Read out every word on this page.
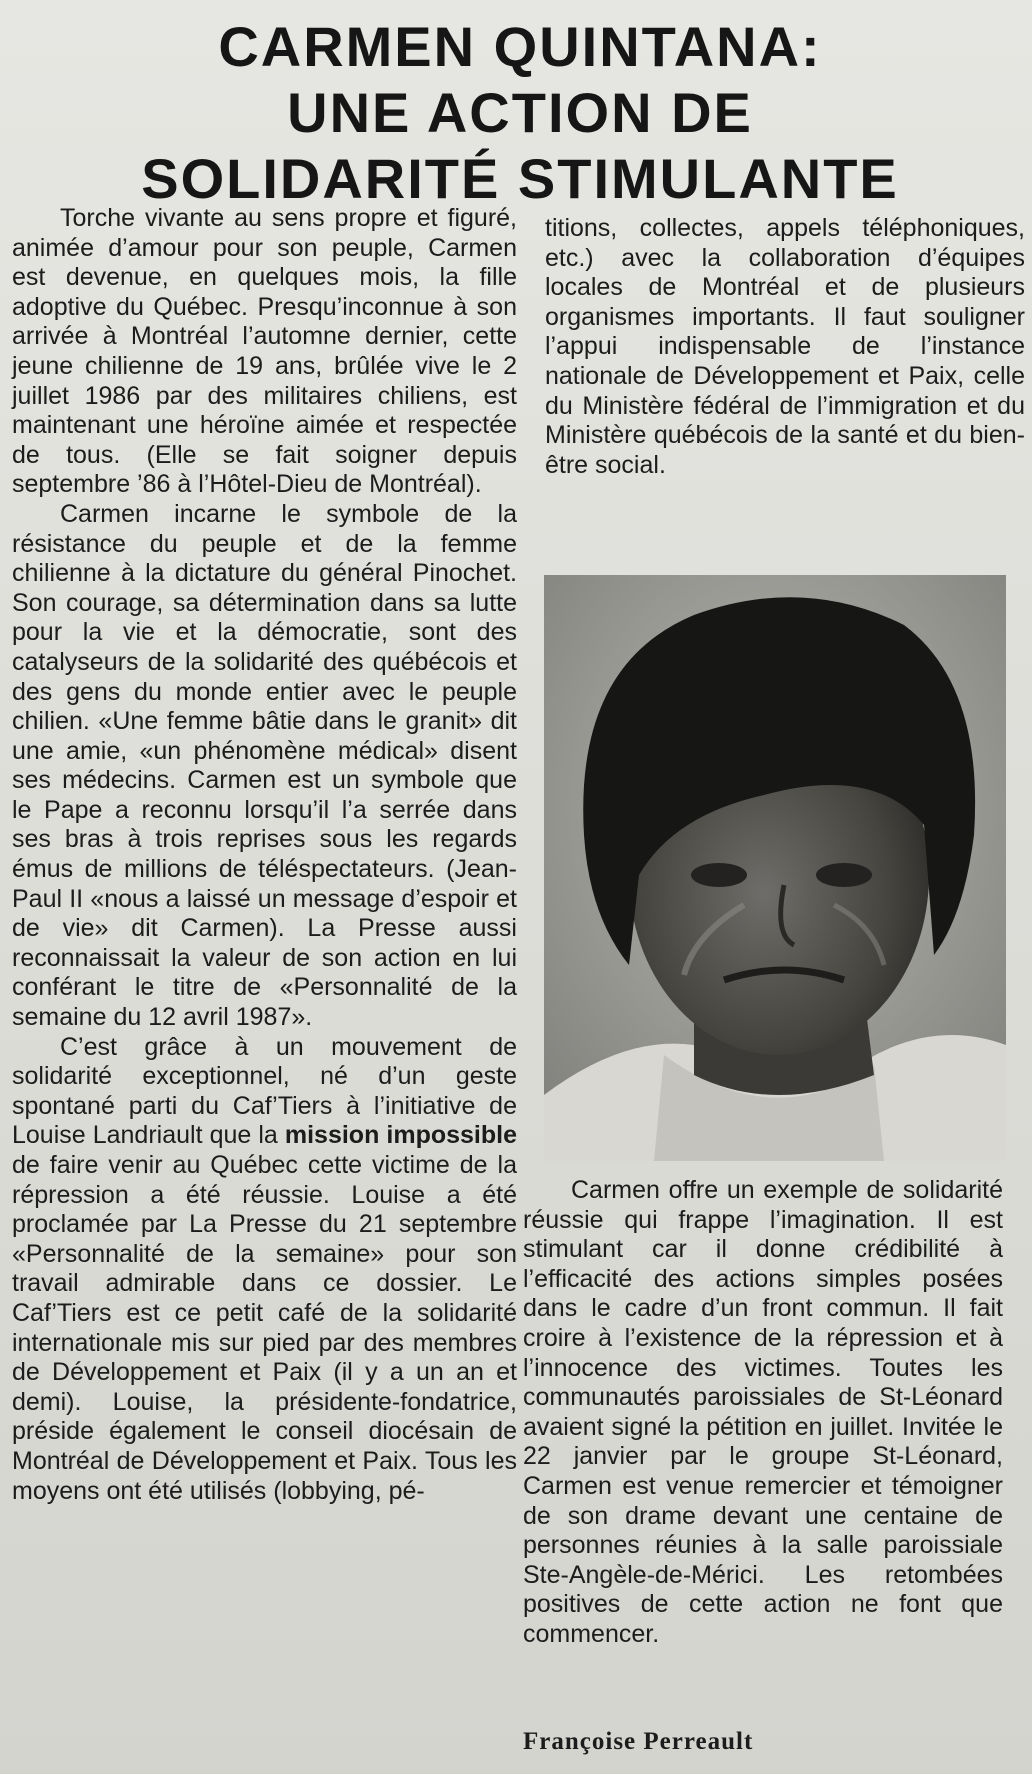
CARMEN QUINTANA:
UNE ACTION DE
SOLIDARITÉ STIMULANTE

Torche vivante au sens propre et figuré, animée d’amour pour son peuple, Carmen est devenue, en quelques mois, la fille adoptive du Québec. Presqu’inconnue à son arrivée à Montréal l’automne dernier, cette jeune chilienne de 19 ans, brûlée vive le 2 juillet 1986 par des militaires chiliens, est maintenant une héroïne aimée et respectée de tous. (Elle se fait soigner depuis septembre ’86 à l’Hôtel-Dieu de Montréal).

Carmen incarne le symbole de la résistance du peuple et de la femme chilienne à la dictature du général Pinochet. Son courage, sa détermination dans sa lutte pour la vie et la démocratie, sont des catalyseurs de la solidarité des québécois et des gens du monde entier avec le peuple chilien. «Une femme bâtie dans le granit» dit une amie, «un phénomène médical» disent ses médecins. Carmen est un symbole que le Pape a reconnu lorsqu’il l’a serrée dans ses bras à trois reprises sous les regards émus de millions de téléspectateurs. (Jean-Paul II «nous a laissé un message d’espoir et de vie» dit Carmen). La Presse aussi reconnaissait la valeur de son action en lui conférant le titre de «Personnalité de la semaine du 12 avril 1987».

C’est grâce à un mouvement de solidarité exceptionnel, né d’un geste spontané parti du Caf’Tiers à l’initiative de Louise Landriault que la mission impossible de faire venir au Québec cette victime de la répression a été réussie. Louise a été proclamée par La Presse du 21 septembre «Personnalité de la semaine» pour son travail admirable dans ce dossier. Le Caf’Tiers est ce petit café de la solidarité internationale mis sur pied par des membres de Développement et Paix (il y a un an et demi). Louise, la présidente-fondatrice, préside également le conseil diocésain de Montréal de Développement et Paix. Tous les moyens ont été utilisés (lobbying, pé-

titions, collectes, appels téléphoniques, etc.) avec la collaboration d’équipes locales de Montréal et de plusieurs organismes importants. Il faut souligner l’appui indispensable de l’instance nationale de Développement et Paix, celle du Ministère fédéral de l’immigration et du Ministère québécois de la santé et du bien-être social.

Carmen offre un exemple de solidarité réussie qui frappe l’imagination. Il est stimulant car il donne crédibilité à l’efficacité des actions simples posées dans le cadre d’un front commun. Il fait croire à l’existence de la répression et à l’innocence des victimes. Toutes les communautés paroissiales de St-Léonard avaient signé la pétition en juillet. Invitée le 22 janvier par le groupe St-Léonard, Carmen est venue remercier et témoigner de son drame devant une centaine de personnes réunies à la salle paroissiale Ste-Angèle-de-Mérici. Les retombées positives de cette action ne font que commencer.

Françoise Perreault
